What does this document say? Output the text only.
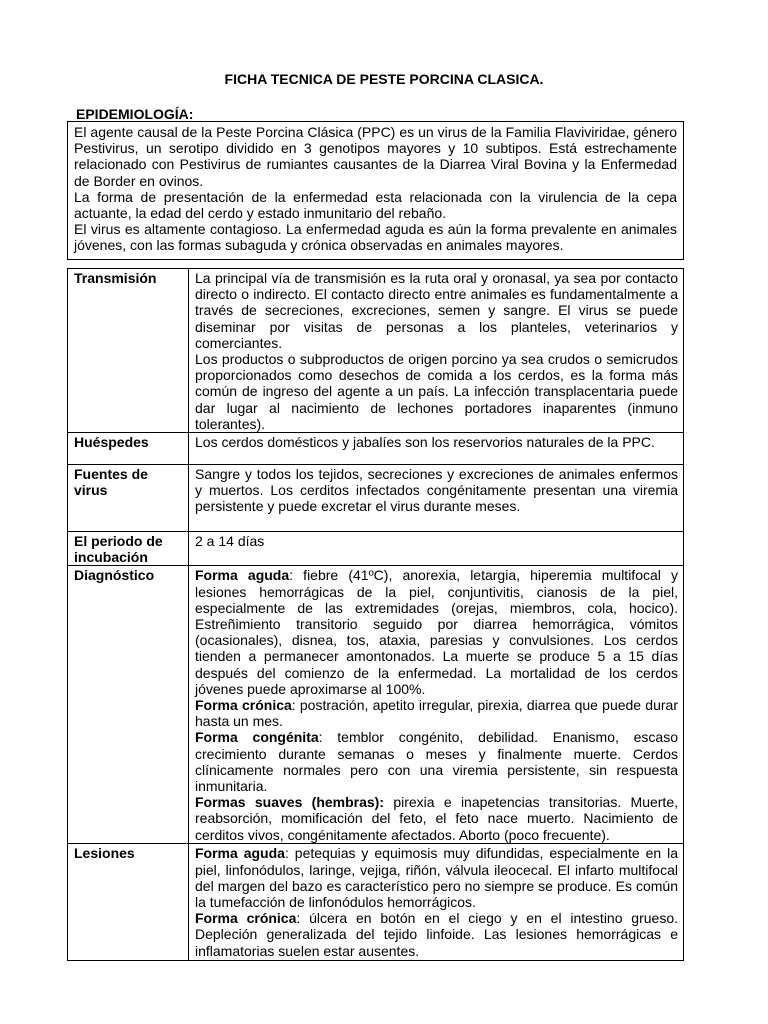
FICHA TECNICA DE PESTE PORCINA CLASICA.
EPIDEMIOLOGÍA:

El agente causal de la Peste Porcina Clásica (PPC) es un virus de la Familia Flaviviridae, género Pestivirus, un serotipo dividido en 3 genotipos mayores y 10 subtipos. Está estrechamente relacionado con Pestivirus de rumiantes causantes de la Diarrea Viral Bovina y la Enfermedad de Border en ovinos.

La forma de presentación de la enfermedad esta relacionada con la virulencia de la cepa actuante, la edad del cerdo y estado inmunitario del rebaño.

El virus es altamente contagioso. La enfermedad aguda es aún la forma prevalente en animales jóvenes, con las formas subaguda y crónica observadas en animales mayores.

Transmisión	La principal vía de transmisión es la ruta oral y oronasal, ya sea por contacto directo o indirecto. El contacto directo entre animales es fundamentalmente a través de secreciones, excreciones, semen y sangre. El virus se puede diseminar por visitas de personas a los planteles, veterinarios y comerciantes.

Los productos o subproductos de origen porcino ya sea crudos o semicrudos proporcionados como desechos de comida a los cerdos, es la forma más común de ingreso del agente a un país. La infección transplacentaria puede dar lugar al nacimiento de lechones portadores inaparentes (inmuno tolerantes).

Huéspedes	Los cerdos domésticos y jabalíes son los reservorios naturales de la PPC.
Fuentes de virus	Sangre y todos los tejidos, secreciones y excreciones de animales enfermos y muertos. Los cerditos infectados congénitamente presentan una viremia persistente y puede excretar el virus durante meses.
El periodo de incubación	2 a 14 días
Diagnóstico	Forma aguda: fiebre (41ºC), anorexia, letargia, hiperemia multifocal y lesiones hemorrágicas de la piel, conjuntivitis, cianosis de la piel, especialmente de las extremidades (orejas, miembros, cola, hocico). Estreñimiento transitorio seguido por diarrea hemorrágica, vómitos (ocasionales), disnea, tos, ataxia, paresias y convulsiones. Los cerdos tienden a permanecer amontonados. La muerte se produce 5 a 15 días después del comienzo de la enfermedad. La mortalidad de los cerdos jóvenes puede aproximarse al 100%.

Forma crónica: postración, apetito irregular, pirexia, diarrea que puede durar hasta un mes.

Forma congénita: temblor congénito, debilidad. Enanismo, escaso crecimiento durante semanas o meses y finalmente muerte. Cerdos clínicamente normales pero con una viremia persistente, sin respuesta inmunitaria.

Formas suaves (hembras): pirexia e inapetencias transitorias. Muerte, reabsorción, momificación del feto, el feto nace muerto. Nacimiento de cerditos vivos, congénitamente afectados. Aborto (poco frecuente).

Lesiones	Forma aguda: petequias y equimosis muy difundidas, especialmente en la piel, linfonódulos, laringe, vejiga, riñón, válvula ileocecal. El infarto multifocal del margen del bazo es característico pero no siempre se produce. Es común la tumefacción de linfonódulos hemorrágicos.

Forma crónica: úlcera en botón en el ciego y en el intestino grueso. Depleción generalizada del tejido linfoide. Las lesiones hemorrágicas e inflamatorias suelen estar ausentes.
